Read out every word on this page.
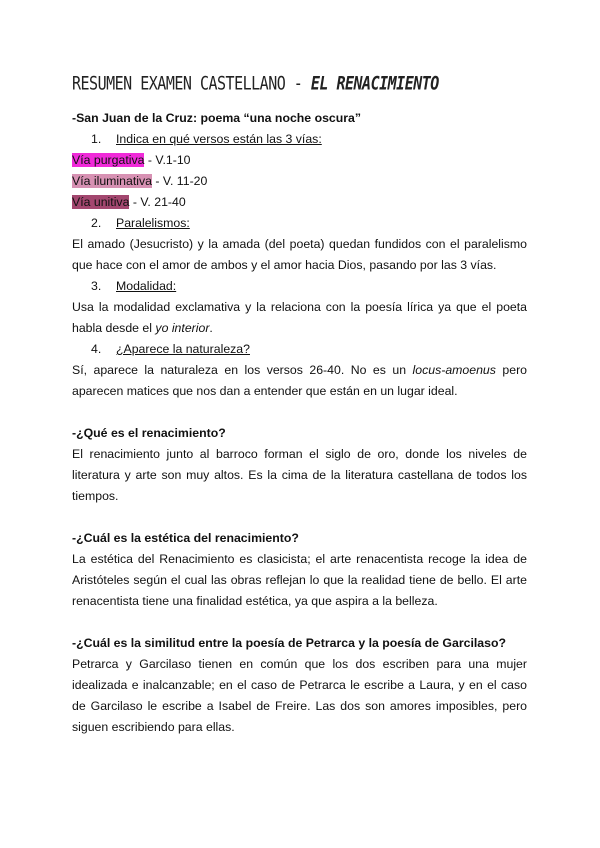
RESUMEN EXAMEN CASTELLANO - EL RENACIMIENTO
-San Juan de la Cruz: poema “una noche oscura”
1. Indica en qué versos están las 3 vías:
Vía purgativa - V.1-10
Vía iluminativa - V. 11-20
Vía unitiva - V. 21-40
2. Paralelismos:

El amado (Jesucristo) y la amada (del poeta) quedan fundidos con el paralelismo que hace con el amor de ambos y el amor hacia Dios, pasando por las 3 vías.

3. Modalidad:

Usa la modalidad exclamativa y la relaciona con la poesía lírica ya que el poeta habla desde el yo interior.

4. ¿Aparece la naturaleza?

Sí, aparece la naturaleza en los versos 26-40. No es un locus-amoenus pero aparecen matices que nos dan a entender que están en un lugar ideal.

-¿Qué es el renacimiento?

El renacimiento junto al barroco forman el siglo de oro, donde los niveles de literatura y arte son muy altos. Es la cima de la literatura castellana de todos los tiempos.

-¿Cuál es la estética del renacimiento?

La estética del Renacimiento es clasicista; el arte renacentista recoge la idea de Aristóteles según el cual las obras reflejan lo que la realidad tiene de bello. El arte renacentista tiene una finalidad estética, ya que aspira a la belleza.

-¿Cuál es la similitud entre la poesía de Petrarca y la poesía de Garcilaso?

Petrarca y Garcilaso tienen en común que los dos escriben para una mujer idealizada e inalcanzable; en el caso de Petrarca le escribe a Laura, y en el caso de Garcilaso le escribe a Isabel de Freire. Las dos son amores imposibles, pero siguen escribiendo para ellas.
